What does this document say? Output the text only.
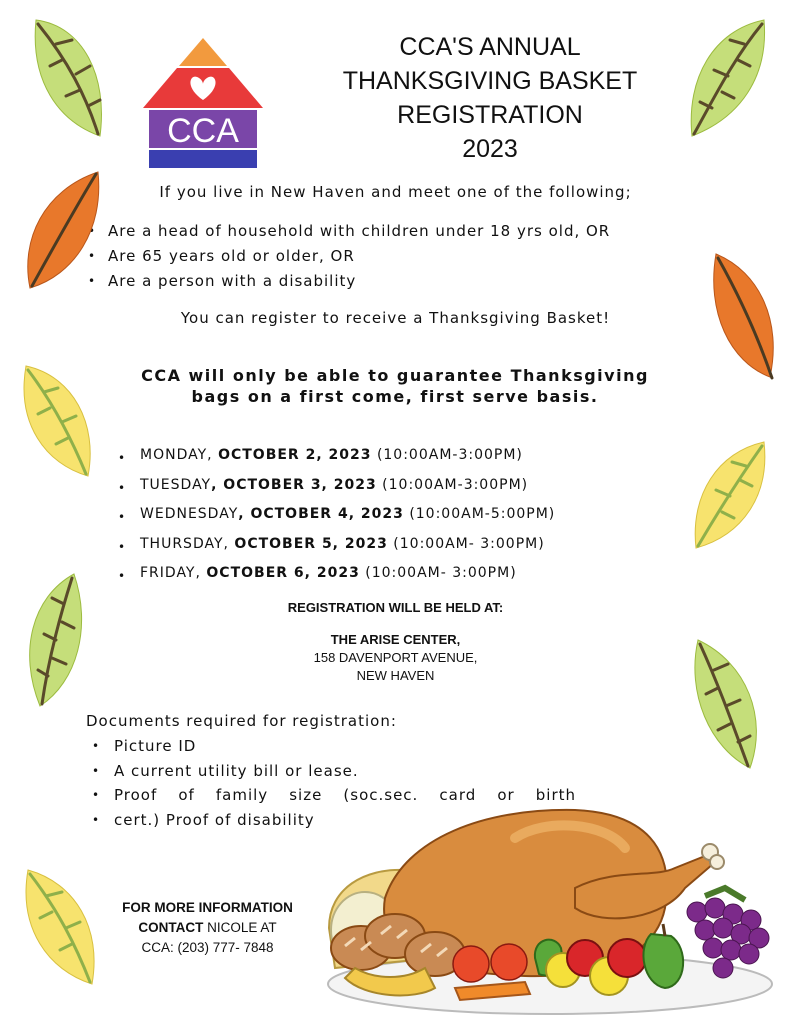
CCA
CCA'S ANNUAL
THANKSGIVING BASKET
REGISTRATION
2023
If you live in New Haven and meet one of the following;
• Are a head of household with children under 18 yrs old, OR
• Are 65 years old or older, OR
• Are a person with a disability
You can register to receive a Thanksgiving Basket!
CCA will only be able to guarantee Thanksgiving
bags on a first come, first serve basis.
• MONDAY, OCTOBER 2, 2023 (10:00AM-3:00PM)
• TUESDAY, OCTOBER 3, 2023 (10:00AM-3:00PM)
• WEDNESDAY, OCTOBER 4, 2023 (10:00AM-5:00PM)
• THURSDAY, OCTOBER 5, 2023 (10:00AM- 3:00PM)
• FRIDAY, OCTOBER 6, 2023 (10:00AM- 3:00PM)
REGISTRATION WILL BE HELD AT:
THE ARISE CENTER,
158 DAVENPORT AVENUE,
NEW HAVEN
Documents required for registration:
• Picture ID
• A current utility bill or lease.
• Proof of family size (soc.sec. card or birth
• cert.) Proof of disability
FOR MORE INFORMATION
CONTACT NICOLE AT
CCA: (203) 777- 7848
